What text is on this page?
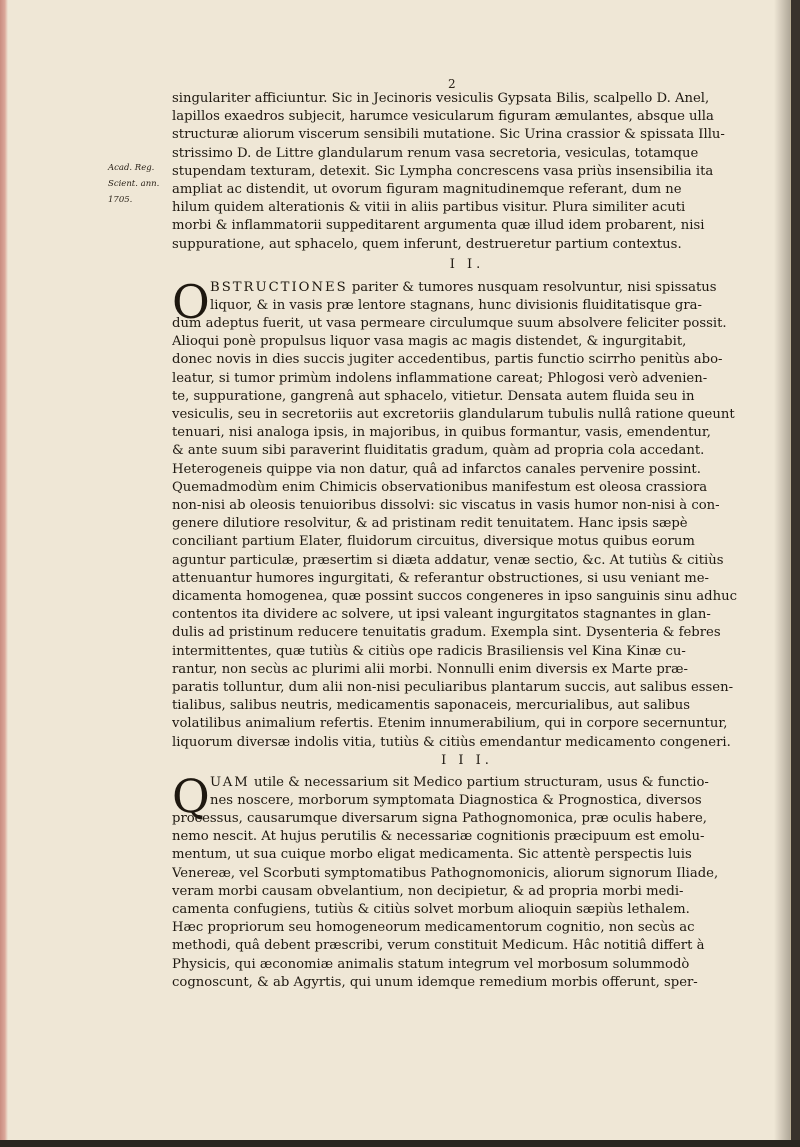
2
Acad. Reg.
Scient. ann.
1705.
singulariter afficiuntur. Sic in Jecinoris vesiculis Gypsata Bilis, scalpello D. Anel,
lapillos exaedros subjecit, harumce vesicularum figuram æmulantes, absque ulla
structuræ aliorum viscerum sensibili mutatione. Sic Urina crassior & spissata Illu-
strissimo D. de Littre glandularum renum vasa secretoria, vesiculas, totamque
stupendam texturam, detexit. Sic Lympha concrescens vasa priùs insensibilia ita
ampliat ac distendit, ut ovorum figuram magnitudinemque referant, dum ne
hilum quidem alterationis & vitii in aliis partibus visitur. Plura similiter acuti
morbi & inflammatorii suppeditarent argumenta quæ illud idem probarent, nisi
suppuratione, aut sphacelo, quem inferunt, destrueretur partium contextus.
I I.
O BSTRUCTIONES pariter & tumores nusquam resolvuntur, nisi spissatus
liquor, & in vasis præ lentore stagnans, hunc divisionis fluiditatisque gra-
dum adeptus fuerit, ut vasa permeare circulumque suum absolvere feliciter possit.
Alioqui ponè propulsus liquor vasa magis ac magis distendet, & ingurgitabit,
donec novis in dies succis jugiter accedentibus, partis functio scirrho penitùs abo-
leatur, si tumor primùm indolens inflammatione careat; Phlogosi verò advenien-
te, suppuratione, gangrenâ aut sphacelo, vitietur. Densata autem fluida seu in
vesiculis, seu in secretoriis aut excretoriis glandularum tubulis nullâ ratione queunt
tenuari, nisi analoga ipsis, in majoribus, in quibus formantur, vasis, emendentur,
& ante suum sibi paraverint fluiditatis gradum, quàm ad propria cola accedant.
Heterogeneis quippe via non datur, quâ ad infarctos canales pervenire possint.
Quemadmodùm enim Chimicis observationibus manifestum est oleosa crassiora
non-nisi ab oleosis tenuioribus dissolvi: sic viscatus in vasis humor non-nisi à con-
genere dilutiore resolvitur, & ad pristinam redit tenuitatem. Hanc ipsis sæpè
conciliant partium Elater, fluidorum circuitus, diversique motus quibus eorum
aguntur particulæ, præsertim si diæta addatur, venæ sectio, &c. At tutiùs & citiùs
attenuantur humores ingurgitati, & referantur obstructiones, si usu veniant me-
dicamenta homogenea, quæ possint succos congeneres in ipso sanguinis sinu adhuc
contentos ita dividere ac solvere, ut ipsi valeant ingurgitatos stagnantes in glan-
dulis ad pristinum reducere tenuitatis gradum. Exempla sint. Dysenteria & febres
intermittentes, quæ tutiùs & citiùs ope radicis Brasiliensis vel Kina Kinæ cu-
rantur, non secùs ac plurimi alii morbi. Nonnulli enim diversis ex Marte præ-
paratis tolluntur, dum alii non-nisi peculiaribus plantarum succis, aut salibus essen-
tialibus, salibus neutris, medicamentis saponaceis, mercurialibus, aut salibus
volatilibus animalium refertis. Etenim innumerabilium, qui in corpore secernuntur,
liquorum diversæ indolis vitia, tutiùs & citiùs emendantur medicamento congeneri.
I I I.
Q UAM utile & necessarium sit Medico partium structuram, usus & functio-
nes noscere, morborum symptomata Diagnostica & Prognostica, diversos
processus, causarumque diversarum signa Pathognomonica, præ oculis habere,
nemo nescit. At hujus perutilis & necessariæ cognitionis præcipuum est emolu-
mentum, ut sua cuique morbo eligat medicamenta. Sic attentè perspectis luis
Venereæ, vel Scorbuti symptomatibus Pathognomonicis, aliorum signorum Iliade,
veram morbi causam obvelantium, non decipietur, & ad propria morbi medi-
camenta confugiens, tutiùs & citiùs solvet morbum alioquin sæpiùs lethalem.
Hæc propriorum seu homogeneorum medicamentorum cognitio, non secùs ac
methodi, quâ debent præscribi, verum constituit Medicum. Hâc notitiâ differt à
Physicis, qui æconomiæ animalis statum integrum vel morbosum solummodò
cognoscunt, & ab Agyrtis, qui unum idemque remedium morbis offerunt, sper-
